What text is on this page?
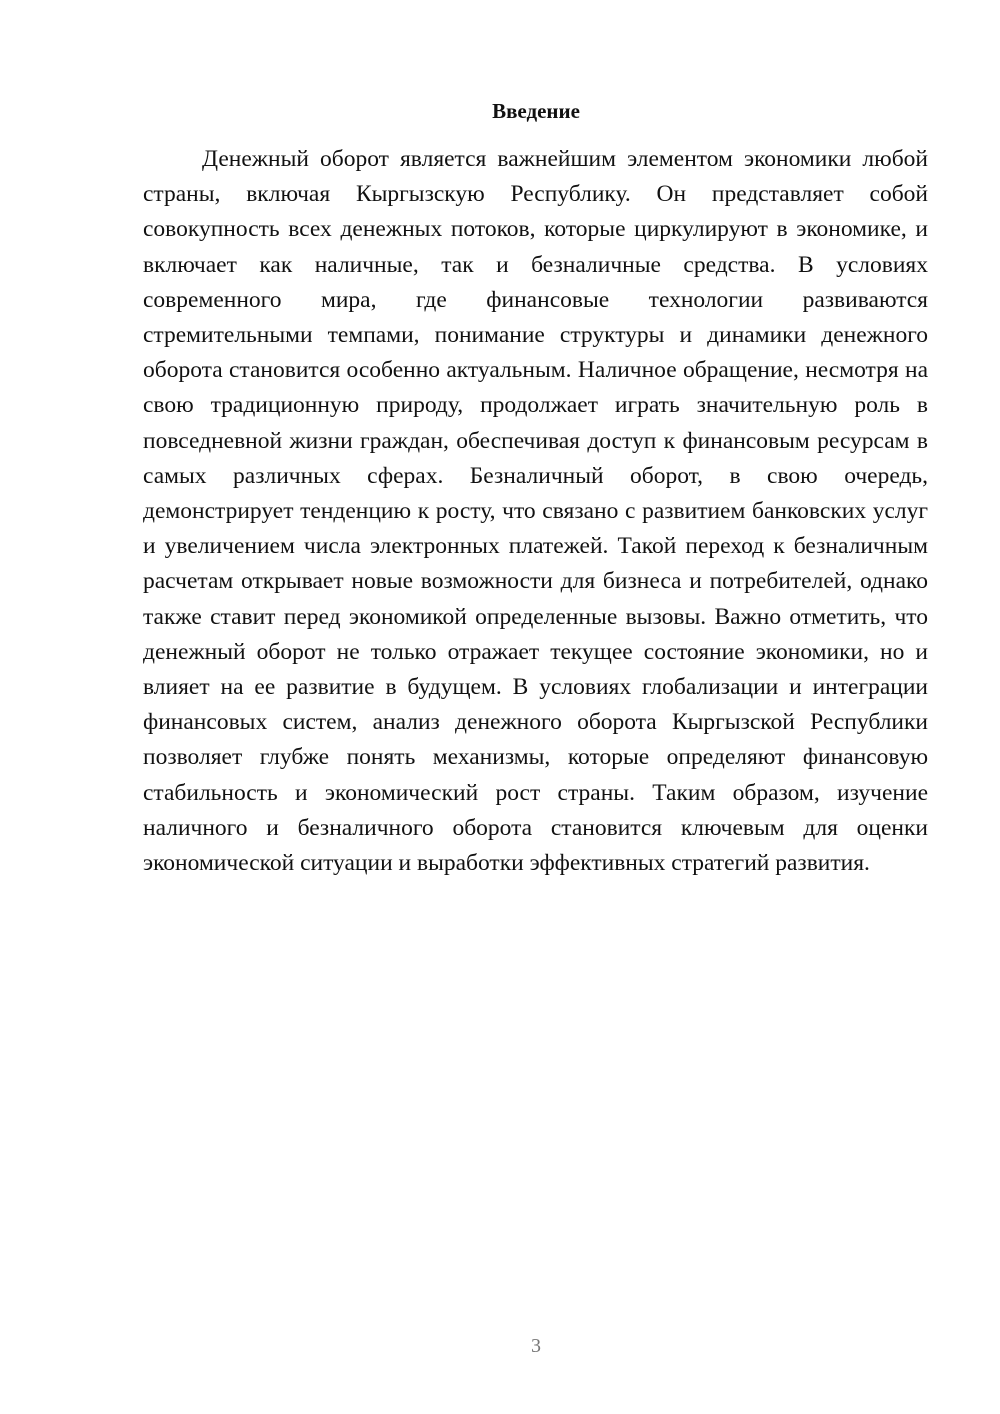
Введение

Денежный оборот является важнейшим элементом экономики любой страны, включая Кыргызскую Республику. Он представляет собой совокупность всех денежных потоков, которые циркулируют в экономике, и включает как наличные, так и безналичные средства. В условиях современного мира, где финансовые технологии развиваются стремительными темпами, понимание структуры и динамики денежного оборота становится особенно актуальным. Наличное обращение, несмотря на свою традиционную природу, продолжает играть значительную роль в повседневной жизни граждан, обеспечивая доступ к финансовым ресурсам в самых различных сферах. Безналичный оборот, в свою очередь, демонстрирует тенденцию к росту, что связано с развитием банковских услуг и увеличением числа электронных платежей. Такой переход к безналичным расчетам открывает новые возможности для бизнеса и потребителей, однако также ставит перед экономикой определенные вызовы. Важно отметить, что денежный оборот не только отражает текущее состояние экономики, но и влияет на ее развитие в будущем. В условиях глобализации и интеграции финансовых систем, анализ денежного оборота Кыргызской Республики позволяет глубже понять механизмы, которые определяют финансовую стабильность и экономический рост страны. Таким образом, изучение наличного и безналичного оборота становится ключевым для оценки экономической ситуации и выработки эффективных стратегий развития.

3
